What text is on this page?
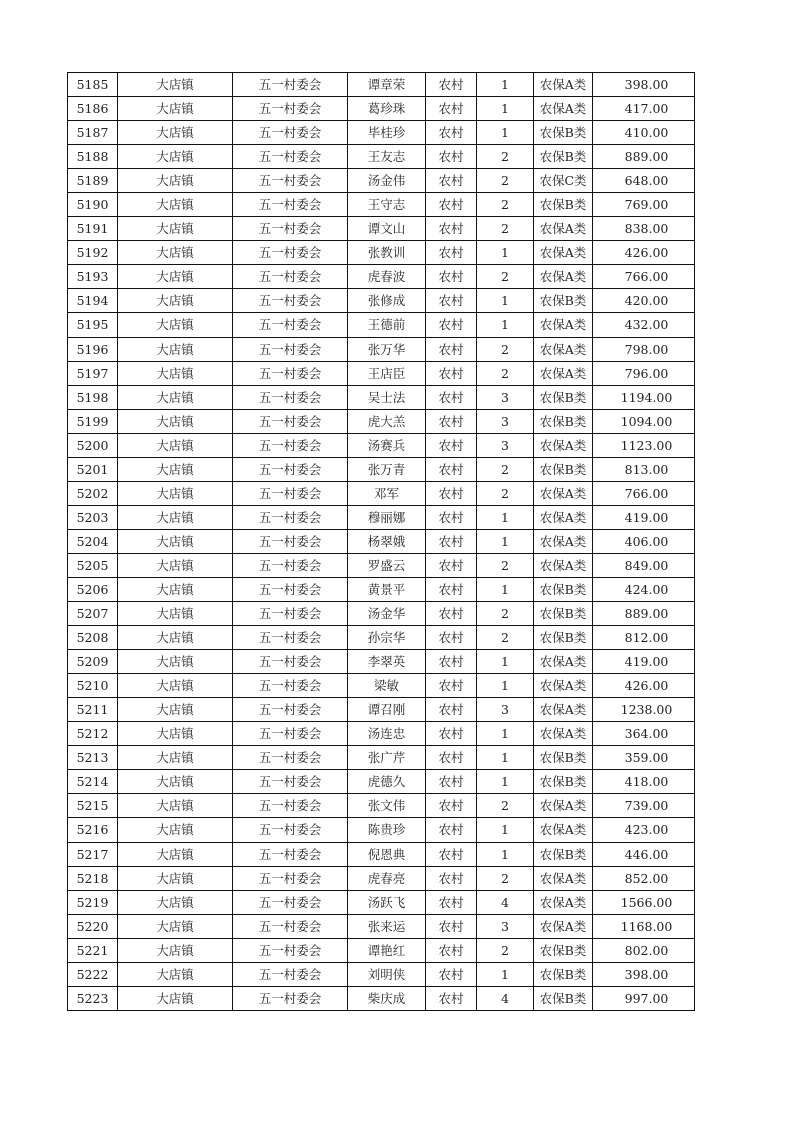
5185	大店镇	五一村委会	谭章荣	农村	1	农保A类	398.00
5186	大店镇	五一村委会	葛珍珠	农村	1	农保A类	417.00
5187	大店镇	五一村委会	毕桂珍	农村	1	农保B类	410.00
5188	大店镇	五一村委会	王友志	农村	2	农保B类	889.00
5189	大店镇	五一村委会	汤金伟	农村	2	农保C类	648.00
5190	大店镇	五一村委会	王守志	农村	2	农保B类	769.00
5191	大店镇	五一村委会	谭文山	农村	2	农保A类	838.00
5192	大店镇	五一村委会	张教训	农村	1	农保A类	426.00
5193	大店镇	五一村委会	虎春波	农村	2	农保A类	766.00
5194	大店镇	五一村委会	张修成	农村	1	农保B类	420.00
5195	大店镇	五一村委会	王德前	农村	1	农保A类	432.00
5196	大店镇	五一村委会	张万华	农村	2	农保A类	798.00
5197	大店镇	五一村委会	王店臣	农村	2	农保A类	796.00
5198	大店镇	五一村委会	吴士法	农村	3	农保B类	1194.00
5199	大店镇	五一村委会	虎大羔	农村	3	农保B类	1094.00
5200	大店镇	五一村委会	汤赛兵	农村	3	农保A类	1123.00
5201	大店镇	五一村委会	张万青	农村	2	农保B类	813.00
5202	大店镇	五一村委会	邓军	农村	2	农保A类	766.00
5203	大店镇	五一村委会	穆丽娜	农村	1	农保A类	419.00
5204	大店镇	五一村委会	杨翠娥	农村	1	农保A类	406.00
5205	大店镇	五一村委会	罗盛云	农村	2	农保A类	849.00
5206	大店镇	五一村委会	黄景平	农村	1	农保B类	424.00
5207	大店镇	五一村委会	汤金华	农村	2	农保B类	889.00
5208	大店镇	五一村委会	孙宗华	农村	2	农保B类	812.00
5209	大店镇	五一村委会	李翠英	农村	1	农保A类	419.00
5210	大店镇	五一村委会	梁敏	农村	1	农保A类	426.00
5211	大店镇	五一村委会	谭召刚	农村	3	农保A类	1238.00
5212	大店镇	五一村委会	汤连忠	农村	1	农保A类	364.00
5213	大店镇	五一村委会	张广芹	农村	1	农保B类	359.00
5214	大店镇	五一村委会	虎德久	农村	1	农保B类	418.00
5215	大店镇	五一村委会	张文伟	农村	2	农保A类	739.00
5216	大店镇	五一村委会	陈贵珍	农村	1	农保A类	423.00
5217	大店镇	五一村委会	倪恩典	农村	1	农保B类	446.00
5218	大店镇	五一村委会	虎春亮	农村	2	农保A类	852.00
5219	大店镇	五一村委会	汤跃飞	农村	4	农保A类	1566.00
5220	大店镇	五一村委会	张来运	农村	3	农保A类	1168.00
5221	大店镇	五一村委会	谭艳红	农村	2	农保B类	802.00
5222	大店镇	五一村委会	刘明侠	农村	1	农保B类	398.00
5223	大店镇	五一村委会	柴庆成	农村	4	农保B类	997.00
